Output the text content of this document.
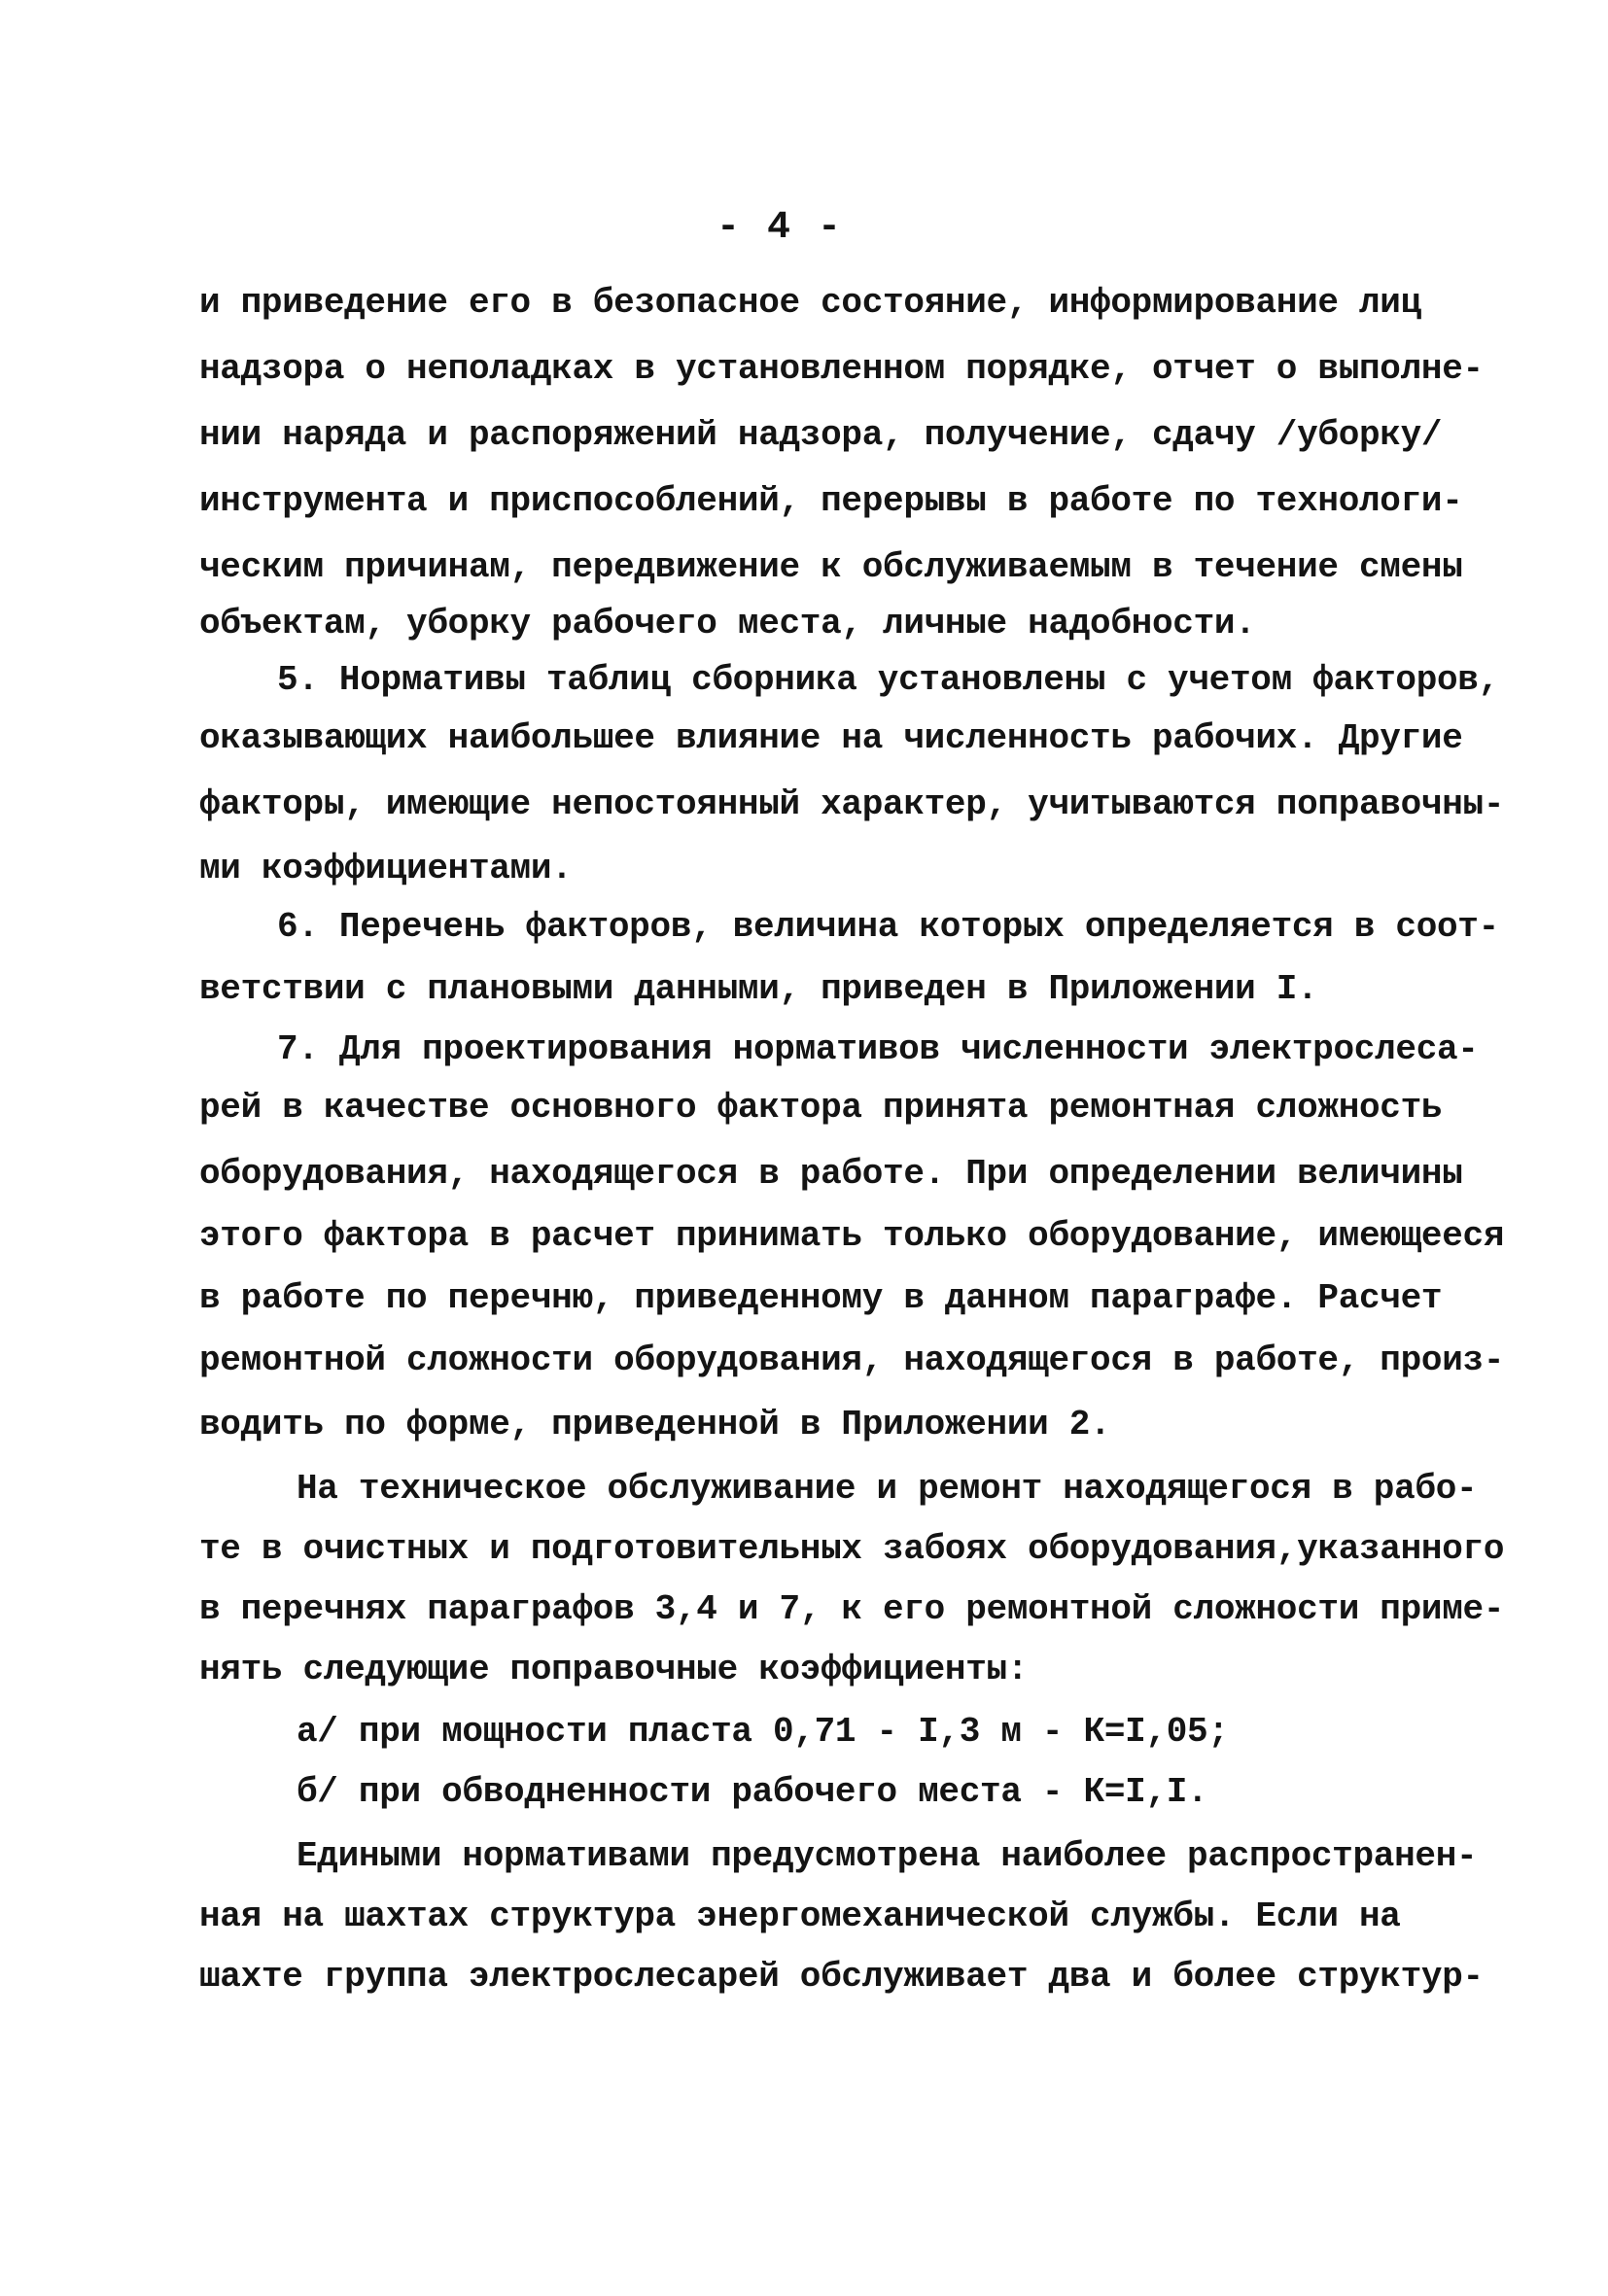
- 4 -
и приведение его в безопасное состояние, информирование лиц
надзора о неполадках в установленном порядке, отчет о выполне-
нии наряда и распоряжений надзора, получение, сдачу /уборку/
инструмента и приспособлений, перерывы в работе по технологи-
ческим причинам, передвижение к обслуживаемым в течение смены
объектам, уборку рабочего места, личные надобности.
5. Нормативы таблиц сборника установлены с учетом факторов,
оказывающих наибольшее влияние на численность рабочих. Другие
факторы, имеющие непостоянный характер, учитываются поправочны-
ми коэффициентами.
6. Перечень факторов, величина которых определяется в соот-
ветствии с плановыми данными, приведен в Приложении I.
7. Для проектирования нормативов численности электрослеса-
рей в качестве основного фактора принята ремонтная сложность
оборудования, находящегося в работе. При определении величины
этого фактора в расчет принимать только оборудование, имеющееся
в работе по перечню, приведенному в данном параграфе. Расчет
ремонтной сложности оборудования, находящегося в работе, произ-
водить по форме, приведенной в Приложении 2.
На техническое обслуживание и ремонт находящегося в рабо-
те в очистных и подготовительных забоях оборудования,указанного
в перечнях параграфов 3,4 и 7, к его ремонтной сложности приме-
нять следующие поправочные коэффициенты:
а/ при мощности пласта 0,71 - I,3 м - К=I,05;
б/ при обводненности рабочего места - К=I,I.
Едиными нормативами предусмотрена наиболее распространен-
ная на шахтах структура энергомеханической службы. Если на
шахте группа электрослесарей обслуживает два и более структур-
